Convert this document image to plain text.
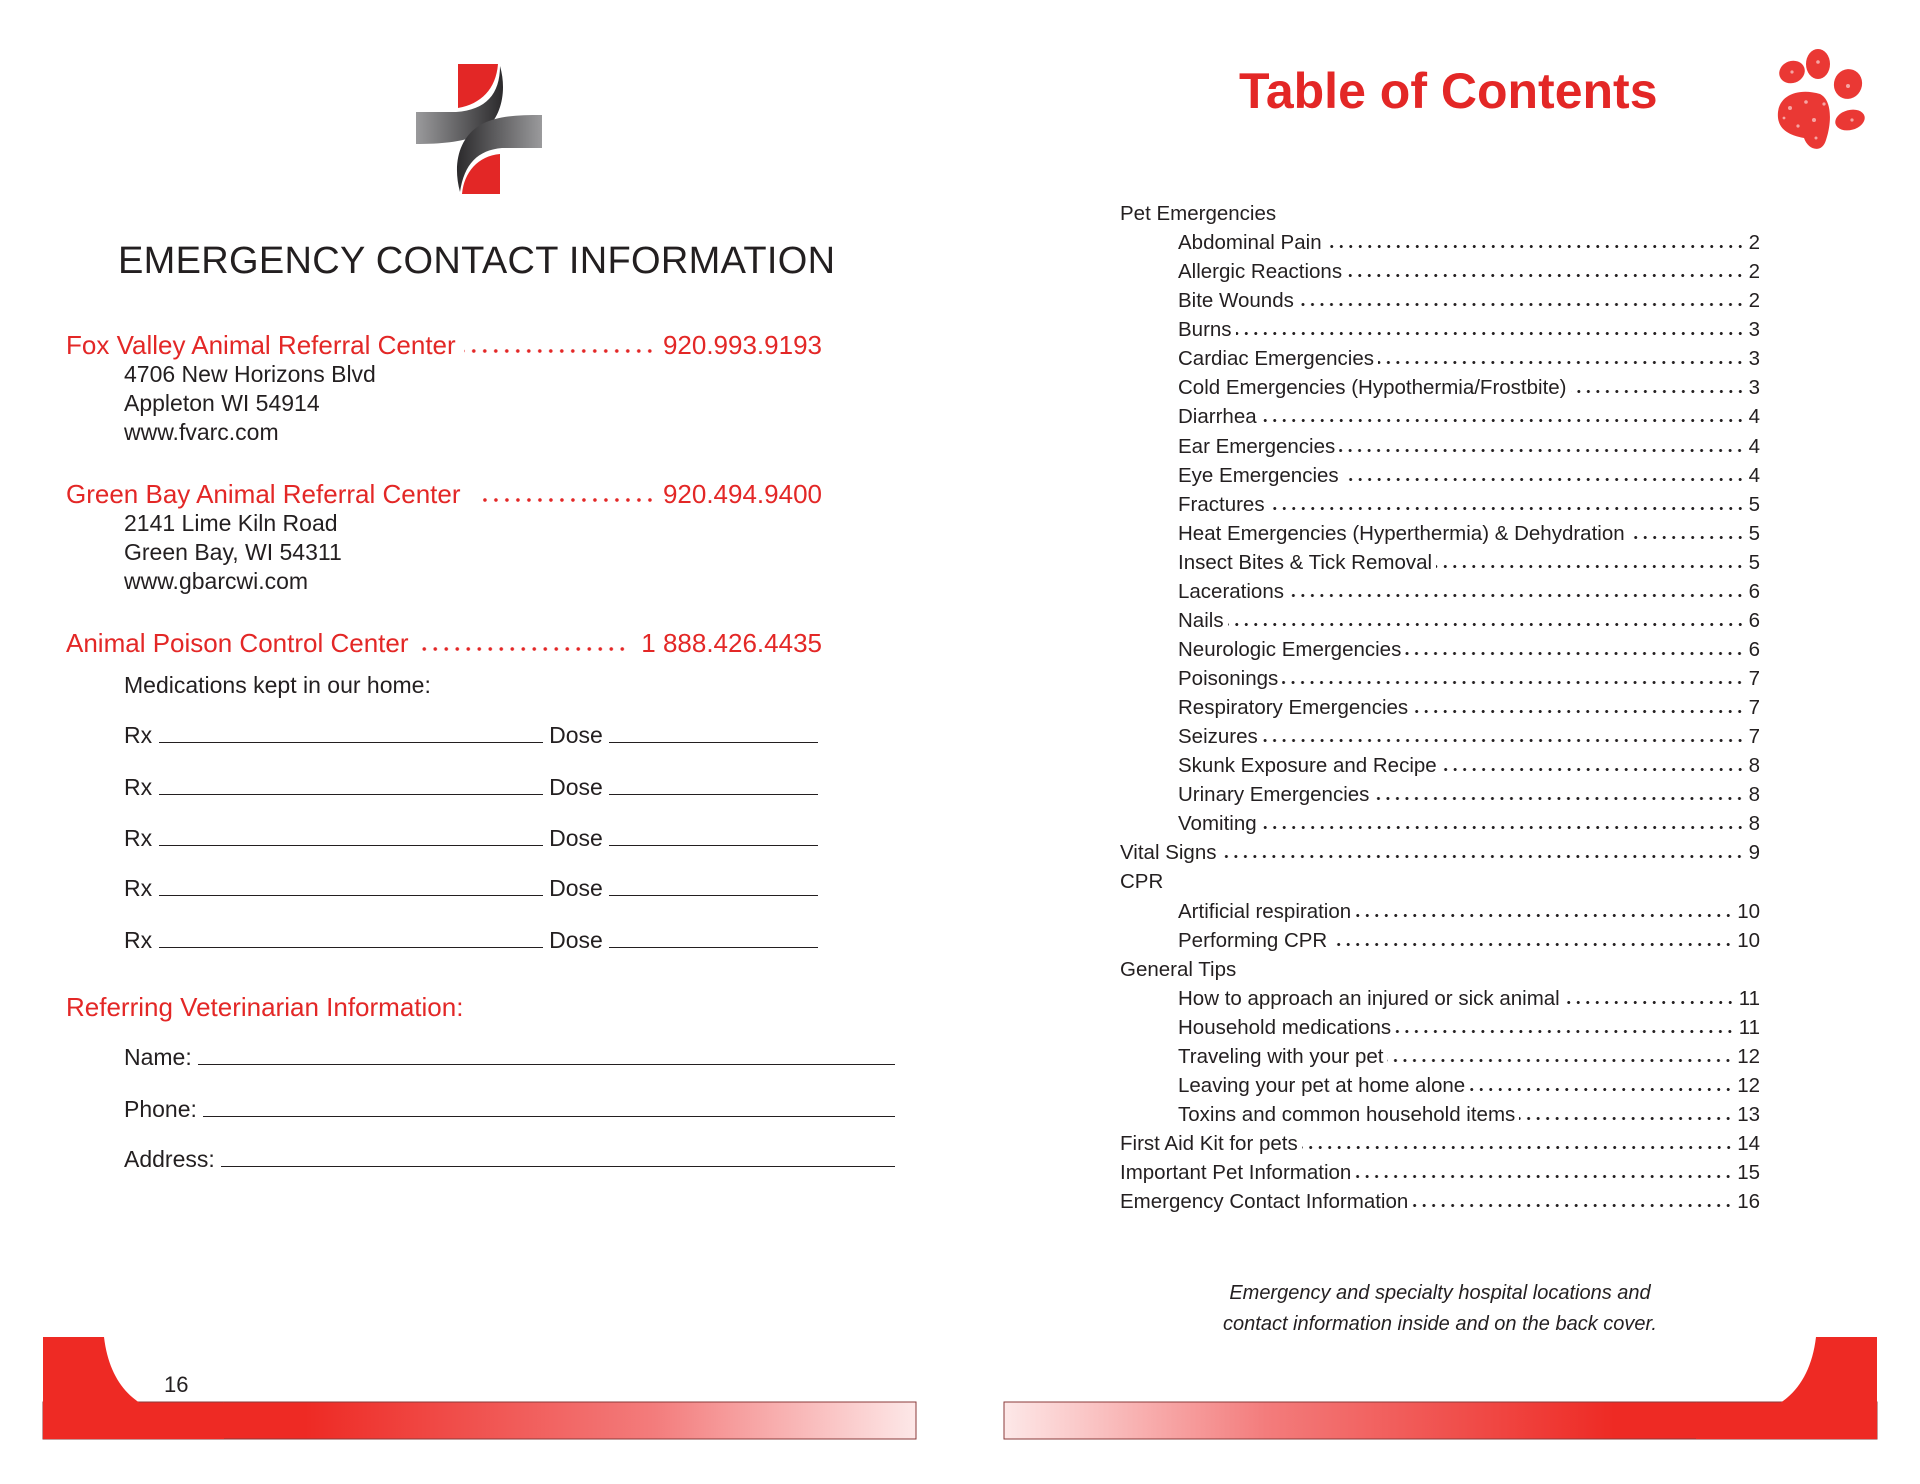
EMERGENCY CONTACT INFORMATION
Fox Valley Animal Referral Center	920.993.9193
4706 New Horizons Blvd
Appleton WI 54914
www.fvarc.com
Green Bay Animal Referral Center	920.494.9400
2141 Lime Kiln Road
Green Bay, WI 54311
www.gbarcwi.com
Animal Poison Control Center	1 888.426.4435
Medications kept in our home:
Rx	Dose
Rx	Dose
Rx	Dose
Rx	Dose
Rx	Dose
Referring Veterinarian Information:
Name:
Phone:
Address:
16
Table of Contents
Pet Emergencies
Abdominal Pain	2
Allergic Reactions	2
Bite Wounds	2
Burns	3
Cardiac Emergencies	3
Cold Emergencies (Hypothermia/Frostbite)	3
Diarrhea	4
Ear Emergencies	4
Eye Emergencies	4
Fractures	5
Heat Emergencies (Hyperthermia) & Dehydration	5
Insect Bites & Tick Removal	5
Lacerations	6
Nails	6
Neurologic Emergencies	6
Poisonings	7
Respiratory Emergencies	7
Seizures	7
Skunk Exposure and Recipe	8
Urinary Emergencies	8
Vomiting	8
Vital Signs	9
CPR
Artificial respiration	10
Performing CPR	10
General Tips
How to approach an injured or sick animal	11
Household medications	11
Traveling with your pet	12
Leaving your pet at home alone	12
Toxins and common household items	13
First Aid Kit for pets	14
Important Pet Information	15
Emergency Contact Information	16
Emergency and specialty hospital locations and
contact information inside and on the back cover.
